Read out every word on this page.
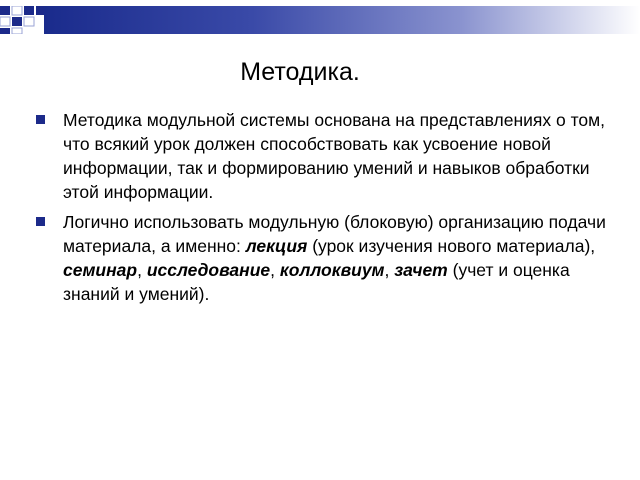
Методика.
Методика модульной системы основана на представлениях о том, что всякий урок должен способствовать как усвоение новой информации, так и формированию умений и навыков обработки этой информации.
Логично использовать модульную (блоковую) организацию подачи материала, а именно: лекция (урок изучения нового материала), семинар, исследование, коллоквиум, зачет (учет и оценка знаний и умений).
